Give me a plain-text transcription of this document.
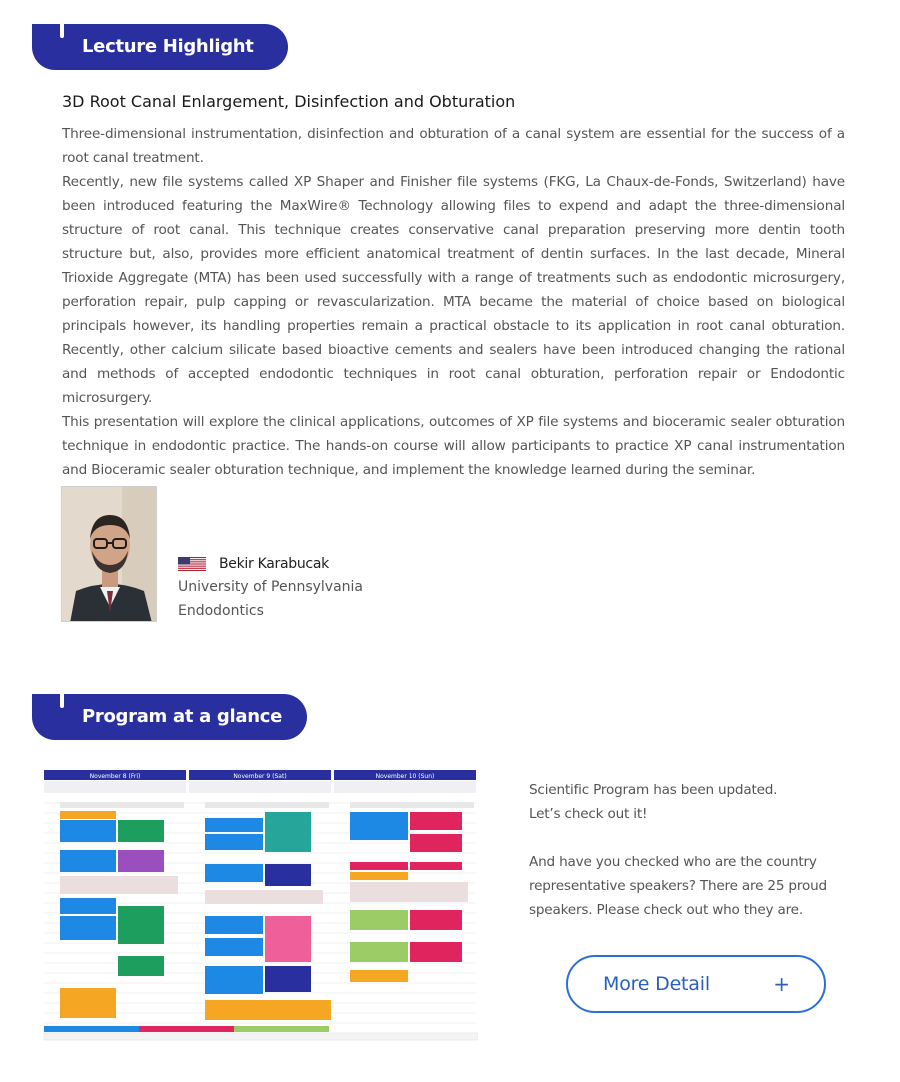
Lecture Highlight
3D Root Canal Enlargement, Disinfection and Obturation

Three-dimensional instrumentation, disinfection and obturation of a canal system are essential for the success of a root canal treatment.

Recently, new file systems called XP Shaper and Finisher file systems (FKG, La Chaux-de-Fonds, Switzerland) have been introduced featuring the MaxWire® Technology allowing files to expend and adapt the three-dimensional structure of root canal. This technique creates conservative canal preparation preserving more dentin tooth structure but, also, provides more efficient anatomical treatment of dentin surfaces. In the last decade, Mineral Trioxide Aggregate (MTA) has been used successfully with a range of treatments such as endodontic microsurgery, perforation repair, pulp capping or revascularization. MTA became the material of choice based on biological principals however, its handling properties remain a practical obstacle to its application in root canal obturation. Recently, other calcium silicate based bioactive cements and sealers have been introduced changing the rational and methods of accepted endodontic techniques in root canal obturation, perforation repair or Endodontic microsurgery.

This presentation will explore the clinical applications, outcomes of XP file systems and bioceramic sealer obturation technique in endodontic practice. The hands-on course will allow participants to practice XP canal instrumentation and Bioceramic sealer obturation technique, and implement the knowledge learned during the seminar.

Bekir Karabucak
University of Pennsylvania
Endodontics
Program at a glance
November 8 (Fri)	November 9 (Sat)	November 10 (Sun)

Scientific Program has been updated.

Let’s check out it!

And have you checked who are the country representative speakers? There are 25 proud speakers. Please check out who they are.

More Detail	+
